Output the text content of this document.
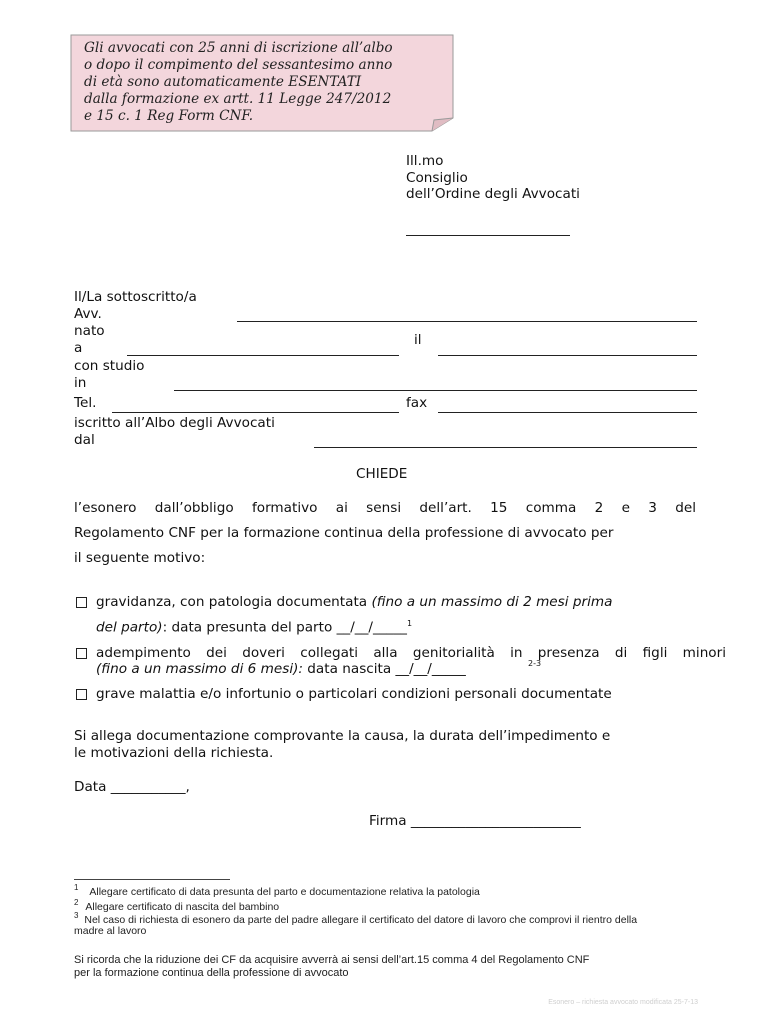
Gli avvocati con 25 anni di iscrizione all’albo
o dopo il compimento del sessantesimo anno
di età sono automaticamente ESENTATI
dalla formazione ex artt. 11 Legge 247/2012
e 15 c. 1 Reg Form CNF.
Ill.mo
Consiglio
dell’Ordine degli Avvocati
Il/La sottoscritto/a
Avv.
nato
a	il
con studio
in
Tel.	fax
iscritto all’Albo degli Avvocati
dal
CHIEDE
l’esonero dall’obbligo formativo ai sensi dell’art. 15 comma 2 e 3 del
Regolamento CNF per la formazione continua della professione di avvocato per
il seguente motivo:
gravidanza, con patologia documentata (fino a un massimo di 2 mesi prima
del parto): data presunta del parto __/__/_____$^1$
adempimento dei doveri collegati alla genitorialità in presenza di figli minori
(fino a un massimo di 6 mesi): data nascita __/__/_____	2-3
grave malattia e/o infortunio o particolari condizioni personali documentate
Si allega documentazione comprovante la causa, la durata dell’impedimento e
le motivazioni della richiesta.
Data ___________,
Firma _________________________
$^1$ Allegare certificato di data presunta del parto e documentazione relativa la patologia
$^2$ Allegare certificato di nascita del bambino
$^3$ Nel caso di richiesta di esonero da parte del padre allegare il certificato del datore di lavoro che comprovi il rientro della
madre al lavoro
Si ricorda che la riduzione dei CF da acquisire avverrà ai sensi dell’art.15 comma 4 del Regolamento CNF
per la formazione continua della professione di avvocato
Esonero – richiesta avvocato modificata 25-7-13
